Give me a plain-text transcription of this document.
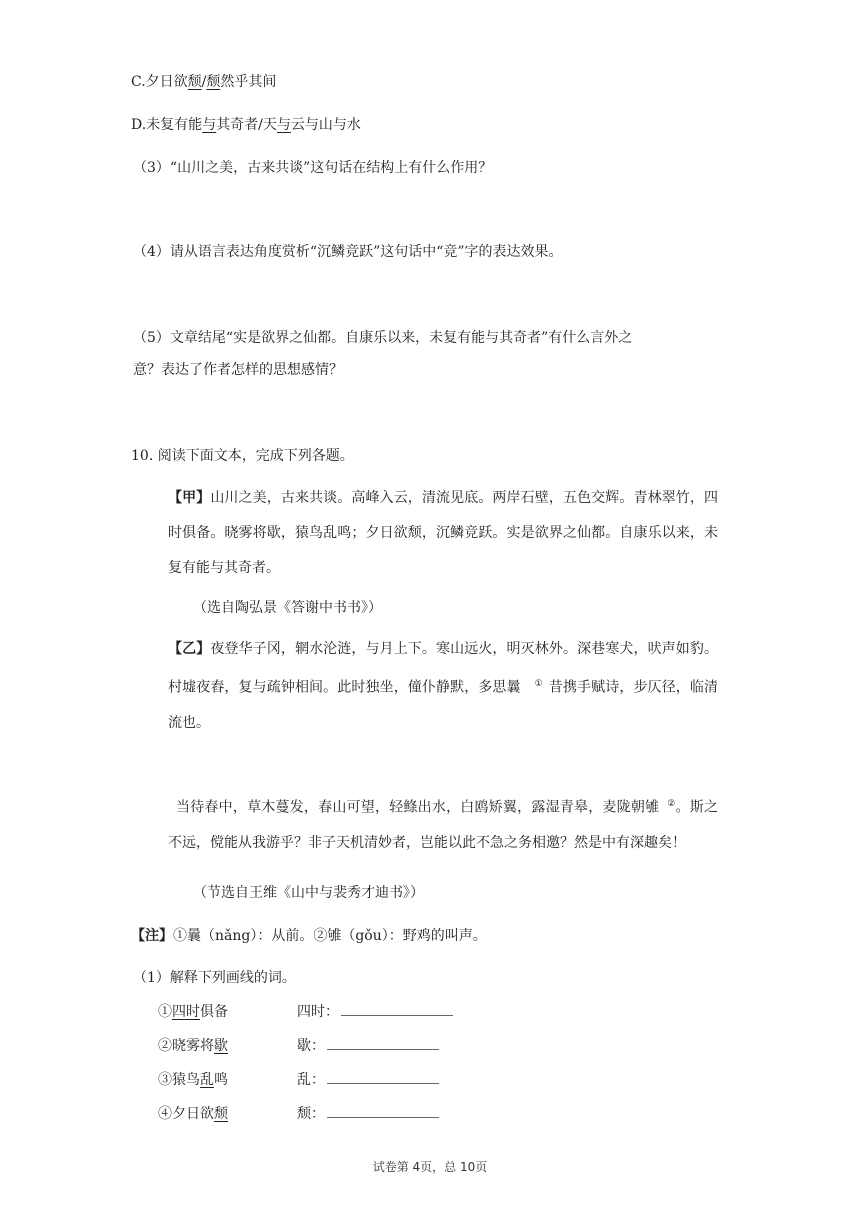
C.夕日欲颓/颓然乎其间
D.未复有能与其奇者/天与云与山与水
（3）“山川之美，古来共谈”这句话在结构上有什么作用？
（4）请从语言表达角度赏析“沉鳞竞跃”这句话中“竞”字的表达效果。
（5）文章结尾“实是欲界之仙都。自康乐以来，未复有能与其奇者”有什么言外之
意？表达了作者怎样的思想感情？
10. 阅读下面文本，完成下列各题。
【甲】山川之美，古来共谈。高峰入云，清流见底。两岸石壁，五色交辉。青林翠竹，四时俱备。晓雾将歇，猿鸟乱鸣；夕日欲颓，沉鳞竞跃。实是欲界之仙都。自康乐以来，未复有能与其奇者。
（选自陶弘景《答谢中书书》）
【乙】夜登华子冈，辋水沦涟，与月上下。寒山远火，明灭林外。深巷寒犬，吠声如豹。村墟夜舂，复与疏钟相间。此时独坐，僮仆静默，多思曩 ① 昔携手赋诗，步仄径，临清流也。
当待春中，草木蔓发，春山可望，轻鲦出水，白鸥矫翼，露湿青皋，麦陇朝雊 ②。斯之不远，傥能从我游乎？非子天机清妙者，岂能以此不急之务相邀？然是中有深趣矣！
（节选自王维《山中与裴秀才迪书》）
【注】①曩（nǎng）：从前。②雊（gǒu）：野鸡的叫声。
（1）解释下列画线的词。
①四时俱备	四时：
②晓雾将歇	歇：
③猿鸟乱鸣	乱：
④夕日欲颓	颓：
试卷第 4页，总 10页
